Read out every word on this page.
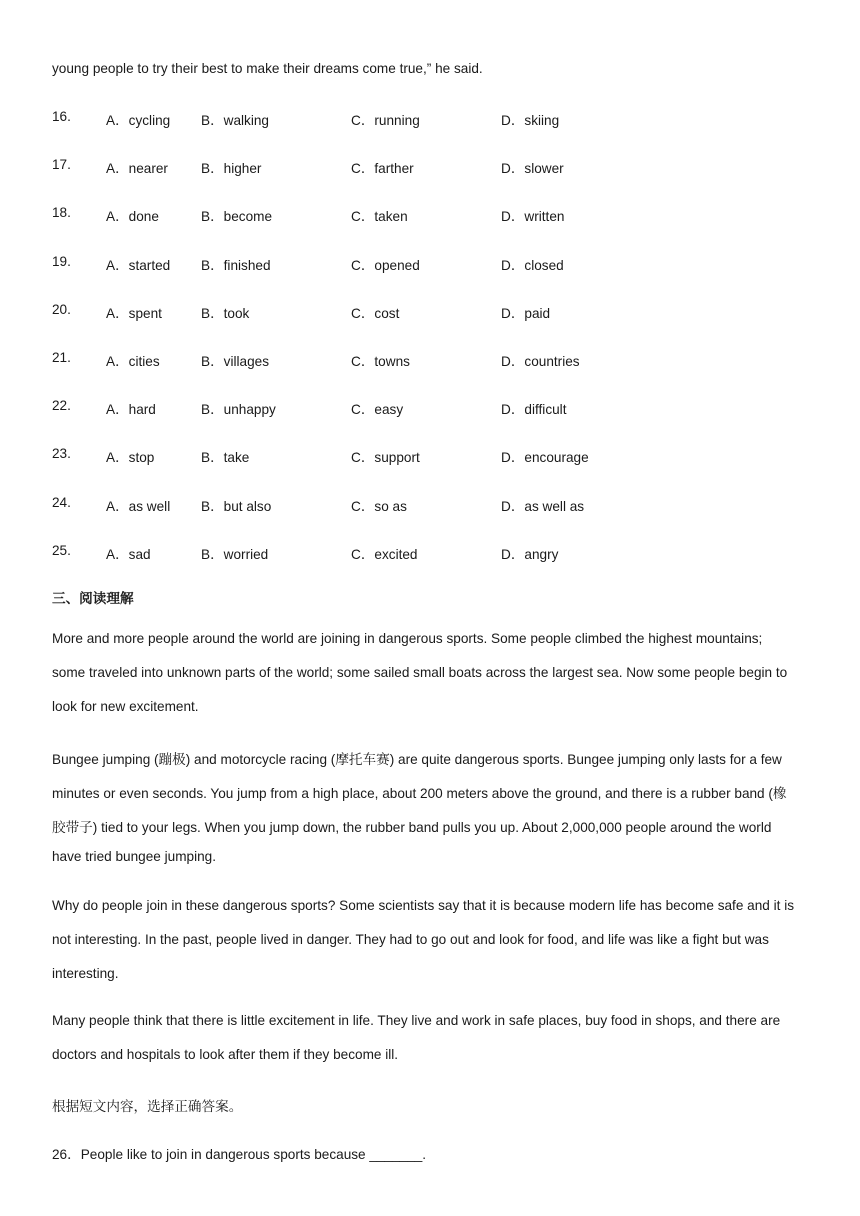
young people to try their best to make their dreams come true,” he said.
16.	A．cycling B．walking	C．running	D．skiing
17.	A．nearer B．higher	C．farther	D．slower
18.	A．done	B．become	C．taken	D．written
19.	A．started B．finished	C．opened	D．closed
20.	A．spent	B．took	C．cost	D．paid
21.	A．cities	B．villages	C．towns	D．countries
22.	A．hard	B．unhappy	C．easy	D．difficult
23.	A．stop	B．take	C．support	D．encourage
24.	A．as well B．but also	C．so as	D．as well as
25.	A．sad	B．worried	C．excited	D．angry
三、阅读理解
More and more people around the world are joining in dangerous sports. Some people climbed the highest mountains;
some traveled into unknown parts of the world; some sailed small boats across the largest sea. Now some people begin to
look for new excitement.
Bungee jumping (蹦极) and motorcycle racing (摩托车赛) are quite dangerous sports. Bungee jumping only lasts for a few
minutes or even seconds. You jump from a high place, about 200 meters above the ground, and there is a rubber band (橡
胶带子) tied to your legs. When you jump down, the rubber band pulls you up. About 2,000,000 people around the world
have tried bungee jumping.
Why do people join in these dangerous sports? Some scientists say that it is because modern life has become safe and it is
not interesting. In the past, people lived in danger. They had to go out and look for food, and life was like a fight but was
interesting.
Many people think that there is little excitement in life. They live and work in safe places, buy food in shops, and there are
doctors and hospitals to look after them if they become ill.
根据短文内容，选择正确答案。
26．People like to join in dangerous sports because _______.
